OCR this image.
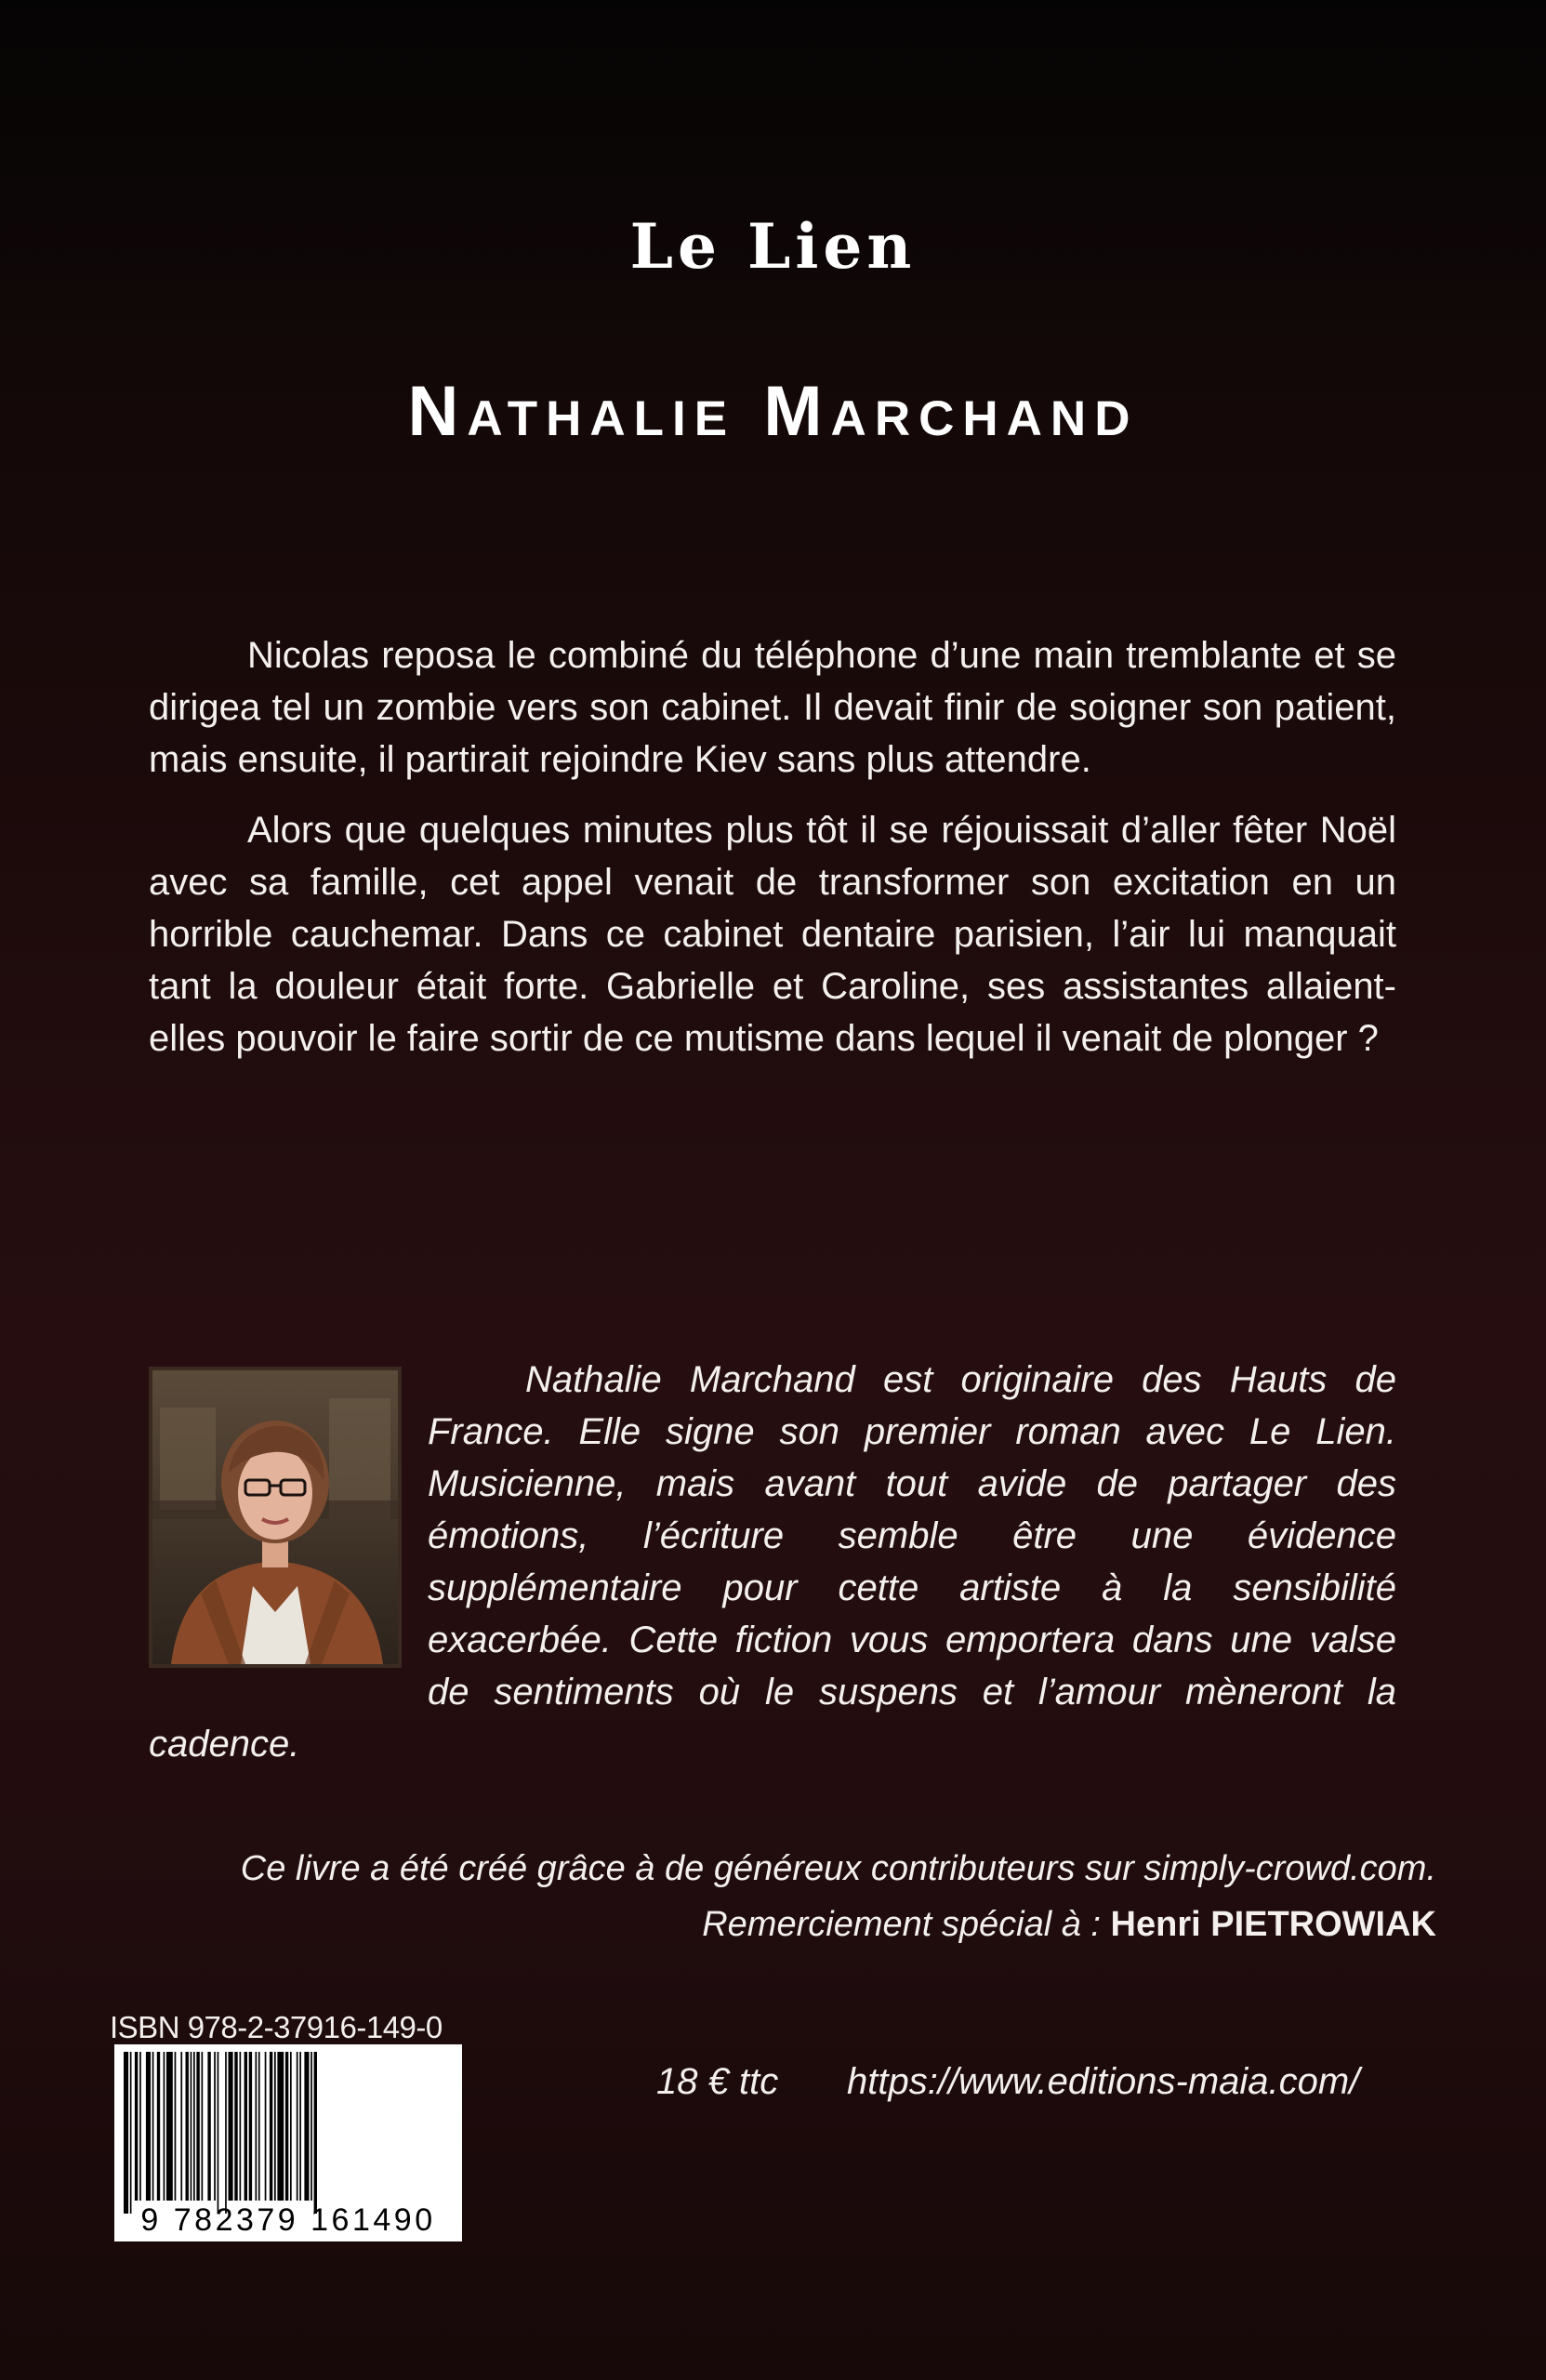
Le Lien
Nathalie Marchand

Nicolas reposa le combiné du téléphone d’une main tremblante et se dirigea tel un zombie vers son cabinet. Il devait finir de soigner son patient, mais ensuite, il partirait rejoindre Kiev sans plus attendre.

Alors que quelques minutes plus tôt il se réjouissait d’aller fêter Noël avec sa famille, cet appel venait de transformer son excitation en un horrible cauchemar. Dans ce cabinet dentaire parisien, l’air lui manquait tant la douleur était forte. Gabrielle et Caroline, ses assistantes allaient-elles pouvoir le faire sortir de ce mutisme dans lequel il venait de plonger ?

Nathalie Marchand est originaire des Hauts de France. Elle signe son premier roman avec Le Lien. Musicienne, mais avant tout avide de partager des émotions, l’écriture semble être une évidence supplémentaire pour cette artiste à la sensibilité exacerbée. Cette fiction vous emportera dans une valse de sentiments où le suspens et l’amour mèneront la cadence.

Ce livre a été créé grâce à de généreux contributeurs sur simply-crowd.com.
Remerciement spécial à : Henri PIETROWIAK
ISBN 978-2-37916-149-0
9 782379 161490
18 € ttc https://www.editions-maia.com/
